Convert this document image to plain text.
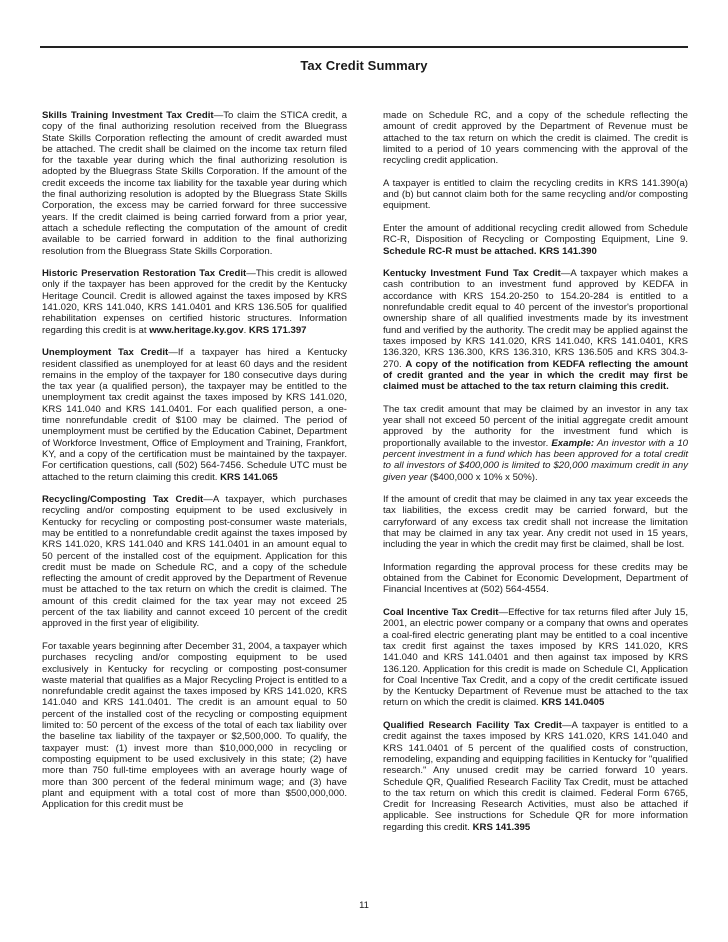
Tax Credit Summary

Skills Training Investment Tax Credit—To claim the STICA credit, a copy of the final authorizing resolution received from the Bluegrass State Skills Corporation reflecting the amount of credit awarded must be attached. The credit shall be claimed on the income tax return filed for the taxable year during which the final authorizing resolution is adopted by the Bluegrass State Skills Corporation. If the amount of the credit exceeds the income tax liability for the taxable year during which the final authorizing resolution is adopted by the Bluegrass State Skills Corporation, the excess may be carried forward for three successive years. If the credit claimed is being carried forward from a prior year, attach a schedule reflecting the computation of the amount of credit available to be carried forward in addition to the final authorizing resolution from the Bluegrass State Skills Corporation.

Historic Preservation Restoration Tax Credit—This credit is allowed only if the taxpayer has been approved for the credit by the Kentucky Heritage Council. Credit is allowed against the taxes imposed by KRS 141.020, KRS 141.040, KRS 141.0401 and KRS 136.505 for qualified rehabilitation expenses on certified historic structures. Information regarding this credit is at www.heritage.ky.gov. KRS 171.397

Unemployment Tax Credit—If a taxpayer has hired a Kentucky resident classified as unemployed for at least 60 days and the resident remains in the employ of the taxpayer for 180 consecutive days during the tax year (a qualified person), the taxpayer may be entitled to the unemployment tax credit against the taxes imposed by KRS 141.020, KRS 141.040 and KRS 141.0401. For each qualified person, a one-time nonrefundable credit of $100 may be claimed. The period of unemployment must be certified by the Education Cabinet, Department of Workforce Investment, Office of Employment and Training, Frankfort, KY, and a copy of the certification must be maintained by the taxpayer. For certification questions, call (502) 564-7456. Schedule UTC must be attached to the return claiming this credit. KRS 141.065

Recycling/Composting Tax Credit—A taxpayer, which purchases recycling and/or composting equipment to be used exclusively in Kentucky for recycling or composting post-consumer waste materials, may be entitled to a nonrefundable credit against the taxes imposed by KRS 141.020, KRS 141.040 and KRS 141.0401 in an amount equal to 50 percent of the installed cost of the equipment. Application for this credit must be made on Schedule RC, and a copy of the schedule reflecting the amount of credit approved by the Department of Revenue must be attached to the tax return on which the credit is claimed. The amount of this credit claimed for the tax year may not exceed 25 percent of the tax liability and cannot exceed 10 percent of the credit approved in the first year of eligibility.

For taxable years beginning after December 31, 2004, a taxpayer which purchases recycling and/or composting equipment to be used exclusively in Kentucky for recycling or composting post-consumer waste material that qualifies as a Major Recycling Project is entitled to a nonrefundable credit against the taxes imposed by KRS 141.020, KRS 141.040 and KRS 141.0401. The credit is an amount equal to 50 percent of the installed cost of the recycling or composting equipment limited to: 50 percent of the excess of the total of each tax liability over the baseline tax liability of the taxpayer or $2,500,000. To qualify, the taxpayer must: (1) invest more than $10,000,000 in recycling or composting equipment to be used exclusively in this state; (2) have more than 750 full-time employees with an average hourly wage of more than 300 percent of the federal minimum wage; and (3) have plant and equipment with a total cost of more than $500,000,000. Application for this credit must be

made on Schedule RC, and a copy of the schedule reflecting the amount of credit approved by the Department of Revenue must be attached to the tax return on which the credit is claimed. The credit is limited to a period of 10 years commencing with the approval of the recycling credit application.

A taxpayer is entitled to claim the recycling credits in KRS 141.390(a) and (b) but cannot claim both for the same recycling and/or composting equipment.

Enter the amount of additional recycling credit allowed from Schedule RC-R, Disposition of Recycling or Composting Equipment, Line 9. Schedule RC-R must be attached. KRS 141.390

Kentucky Investment Fund Tax Credit—A taxpayer which makes a cash contribution to an investment fund approved by KEDFA in accordance with KRS 154.20-250 to 154.20-284 is entitled to a nonrefundable credit equal to 40 percent of the investor's proportional ownership share of all qualified investments made by its investment fund and verified by the authority. The credit may be applied against the taxes imposed by KRS 141.020, KRS 141.040, KRS 141.0401, KRS 136.320, KRS 136.300, KRS 136.310, KRS 136.505 and KRS 304.3-270. A copy of the notification from KEDFA reflecting the amount of credit granted and the year in which the credit may first be claimed must be attached to the tax return claiming this credit.

The tax credit amount that may be claimed by an investor in any tax year shall not exceed 50 percent of the initial aggregate credit amount approved by the authority for the investment fund which is proportionally available to the investor. Example: An investor with a 10 percent investment in a fund which has been approved for a total credit to all investors of $400,000 is limited to $20,000 maximum credit in any given year ($400,000 x 10% x 50%).

If the amount of credit that may be claimed in any tax year exceeds the tax liabilities, the excess credit may be carried forward, but the carryforward of any excess tax credit shall not increase the limitation that may be claimed in any tax year. Any credit not used in 15 years, including the year in which the credit may first be claimed, shall be lost.

Information regarding the approval process for these credits may be obtained from the Cabinet for Economic Development, Department of Financial Incentives at (502) 564-4554.

Coal Incentive Tax Credit—Effective for tax returns filed after July 15, 2001, an electric power company or a company that owns and operates a coal-fired electric generating plant may be entitled to a coal incentive tax credit first against the taxes imposed by KRS 141.020, KRS 141.040 and KRS 141.0401 and then against tax imposed by KRS 136.120. Application for this credit is made on Schedule CI, Application for Coal Incentive Tax Credit, and a copy of the credit certificate issued by the Kentucky Department of Revenue must be attached to the tax return on which the credit is claimed. KRS 141.0405

Qualified Research Facility Tax Credit—A taxpayer is entitled to a credit against the taxes imposed by KRS 141.020, KRS 141.040 and KRS 141.0401 of 5 percent of the qualified costs of construction, remodeling, expanding and equipping facilities in Kentucky for "qualified research." Any unused credit may be carried forward 10 years. Schedule QR, Qualified Research Facility Tax Credit, must be attached to the tax return on which this credit is claimed. Federal Form 6765, Credit for Increasing Research Activities, must also be attached if applicable. See instructions for Schedule QR for more information regarding this credit. KRS 141.395

11
